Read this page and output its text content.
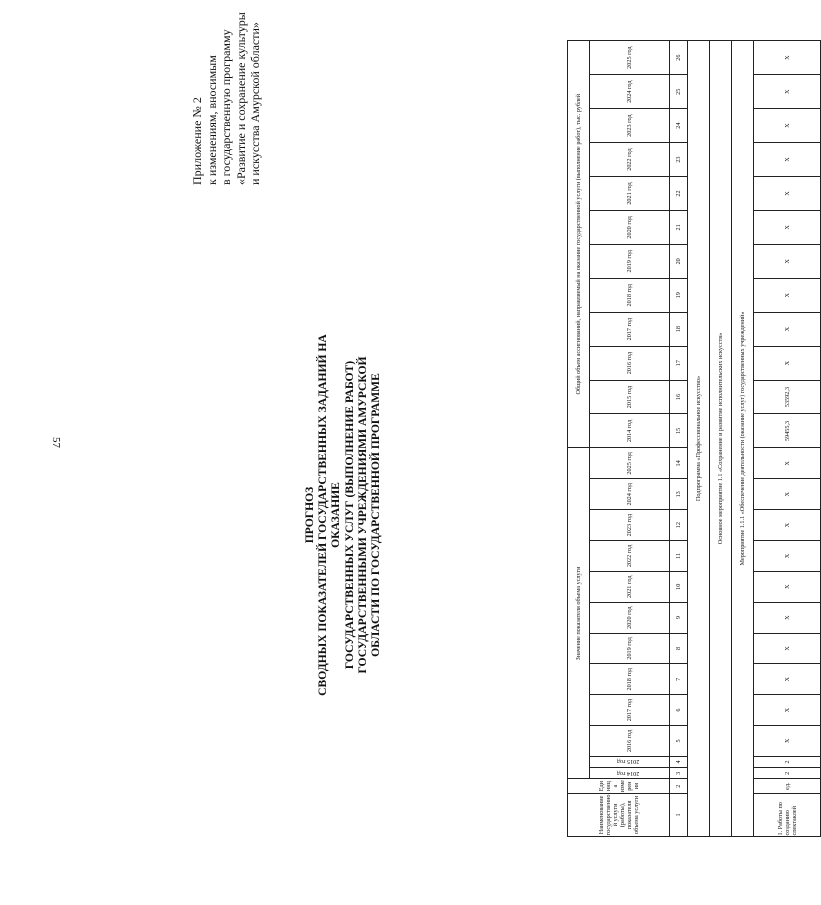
57
Приложение № 2 к изменениям, вносимым в государственную программу «Развитие и сохранение культуры и искусства Амурской области»
ПРОГНОЗ СВОДНЫХ ПОКАЗАТЕЛЕЙ ГОСУДАРСТВЕННЫХ ЗАДАНИЙ НА ОКАЗАНИЕ ГОСУДАРСТВЕННЫХ УСЛУГ (ВЫПОЛНЕНИЕ РАБОТ) ГОСУДАРСТВЕННЫМИ УЧРЕЖДЕНИЯМИ АМУРСКОЙ ОБЛАСТИ ПО ГОСУДАРСТВЕННОЙ ПРОГРАММЕ
Наименование государственной услуги (работы), показателя объема услуги	Единица измерения	Значение показателя объема услуги												Общий объем ассигнований, направляемый на оказание государственной услуги (выполнение работ), тыс. рублей											
		2014 год	2015 год	2016 год	2017 год	2018 год	2019 год	2020 год	2021 год	2022 год	2023 год	2024 год	2025 год	2014 год	2015 год	2016 год	2017 год	2018 год	2019 год	2020 год	2021 год	2022 год	2023 год	2024 год	2025 год
1	2	3	4	5	6	7	8	9	10	11	12	13	14	15	16	17	18	19	20	21	22	23	24	25	26
Подпрограмма «Профессиональное искусство»																									
Основное мероприятие 1.1 «Сохранение и развитие исполнительских искусств»																									
Мероприятие 1.1.1 «Обеспечение деятельности (оказание услуг) государственных учреждений»																									
1. Работы по созданию спектаклей	ед.	2	2	Х	Х	Х	Х	Х	Х	Х	Х	Х	Х	59455,3	53592,3	Х	Х	Х	Х	Х	Х	Х	Х	Х	Х
